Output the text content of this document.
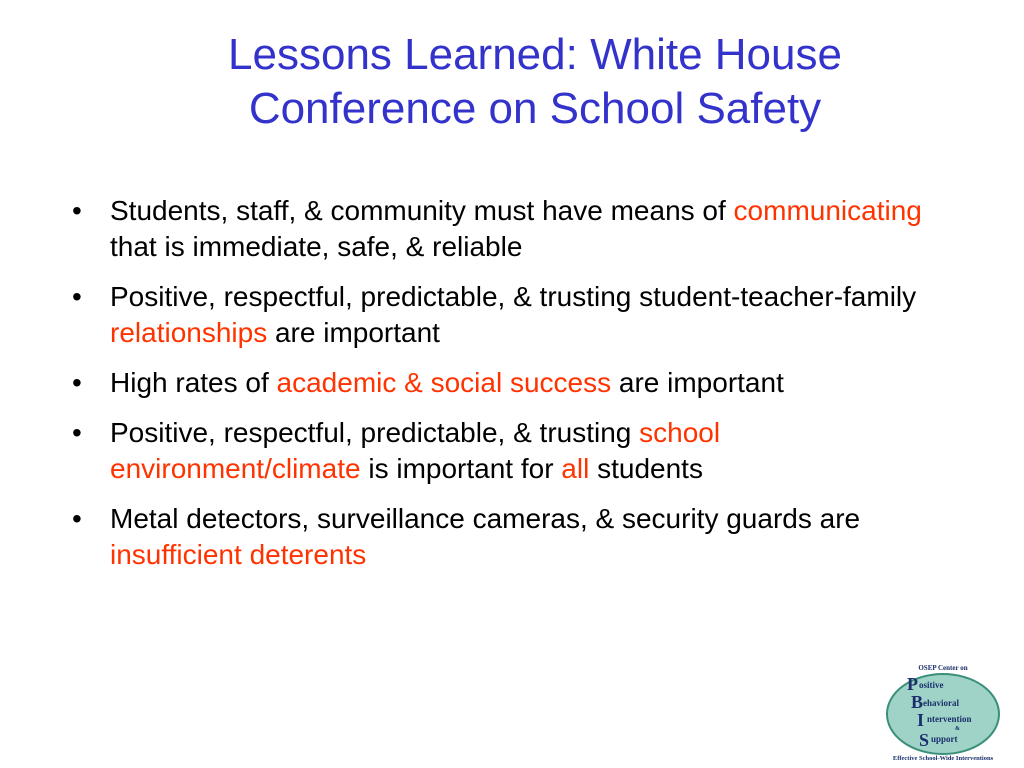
Lessons Learned: White House
Conference on School Safety
• Students, staff, & community must have means of communicating that is immediate, safe, & reliable
• Positive, respectful, predictable, & trusting student-teacher-family relationships are important
• High rates of academic & social success are important
• Positive, respectful, predictable, & trusting school environment/climate is important for all students
• Metal detectors, surveillance cameras, & security guards are insufficient deterents
OSEP Center on
P ositive
B ehavioral
I ntervention
&
S upport
Effective School-Wide Interventions
